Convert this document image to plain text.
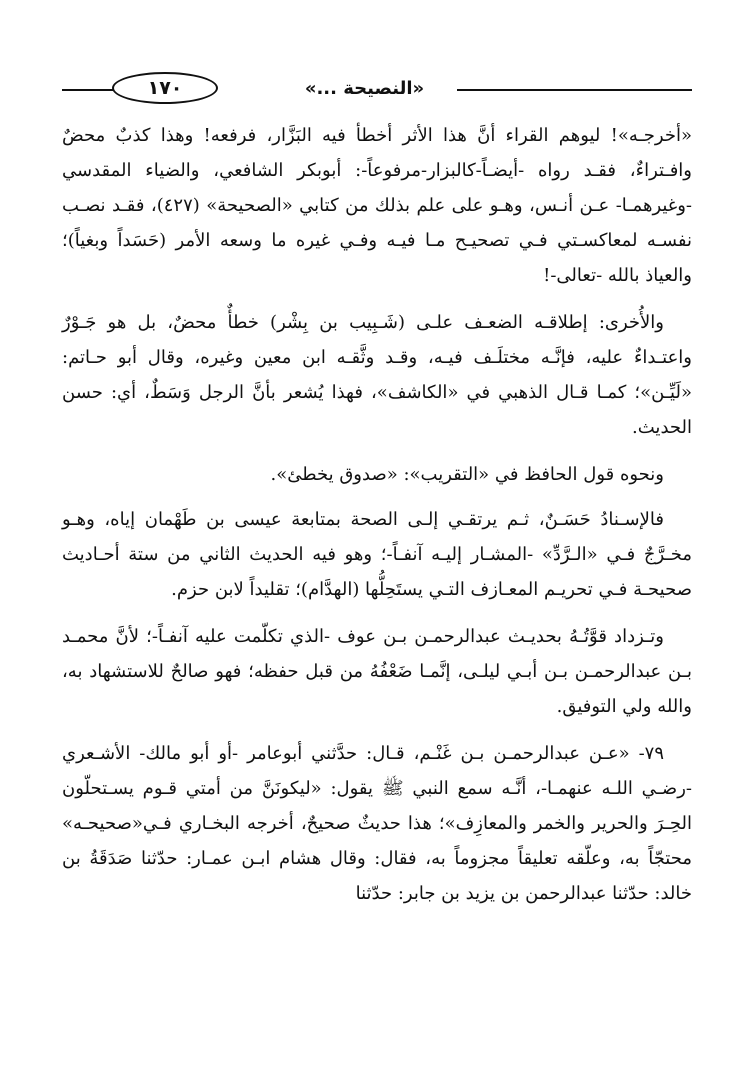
١٧٠	«النصيحة ...»

«أخرجـه»! ليوهم القراء أنَّ هذا الأثر أخطأ فيه البَزَّار، فرفعه! وهذا كذبٌ محضٌ وافـتراءٌ، فقـد رواه -أيضـاً-كالبزار-مرفوعاً-: أبوبكر الشافعي، والضياء المقدسي -وغيرهمـا- عـن أنـس، وهـو على علم بذلك من كتابي «الصحيحة» (٤٢٧)، فقـد نصـب نفسـه لمعاكسـتي فـي تصحيـح مـا فيـه وفـي غيره ما وسعه الأمر (حَسَداً وبغياً)؛ والعياذ بالله -تعالى-!

والأُخرى: إطلاقـه الضعـف علـى (شَـبِيب بن بِشْر) خطأٌ محضٌ، بل هو جَـوْرٌ واعتـداءٌ عليه، فإنَّـه مختلَـف فيـه، وقـد وثَّقـه ابن معين وغيره، وقال أبو حـاتم: «لَيِّـن»؛ كمـا قـال الذهبي في «الكاشف»، فهذا يُشعر بأنَّ الرجل وَسَطٌ، أي: حسن الحديث.

ونحوه قول الحافظ في «التقريب»: «صدوق يخطئ».

فالإسـنادُ حَسَـنٌ، ثـم يرتقـي إلـى الصحة بمتابعة عيسى بن طَهْمان إياه، وهـو مخـرَّجٌ فـي «الـرَّدِّ» -المشـار إليـه آنفـاً-؛ وهو فيه الحديث الثاني من ستة أحـاديث صحيحـة فـي تحريـم المعـازف التـي يستَحِلُّها (الهدَّام)؛ تقليداً لابن حزم.

وتـزداد قوَّتُـهُ بحديـث عبدالرحمـن بـن عوف -الذي تكلّمت عليه آنفـاً-؛ لأنَّ محمـد بـن عبدالرحمـن بـن أبـي ليلـى، إنَّمـا ضَعْفُهُ من قبل حفظه؛ فهو صالحٌ للاستشهاد به، والله ولي التوفيق.

٧٩- «عـن عبدالرحمـن بـن غَنْـم، قـال: حدَّثني أبوعامر -أو أبو مالك- الأشـعري -رضـي اللـه عنهمـا-، أنَّـه سمع النبي ﷺ يقول: «ليكونَنَّ من أمتي قـوم يسـتحلّون الحِـرَ والحرير والخمر والمعازِف»؛ هذا حديثٌ صحيحٌ، أخرجه البخـاري فـي«صحيحـه» محتجّاً به، وعلّقه تعليقاً مجزوماً به، فقال: وقال هشام ابـن عمـار: حدّثنا صَدَقَةُ بن خالد: حدّثنا عبدالرحمن بن يزيد بن جابر: حدّثنا
